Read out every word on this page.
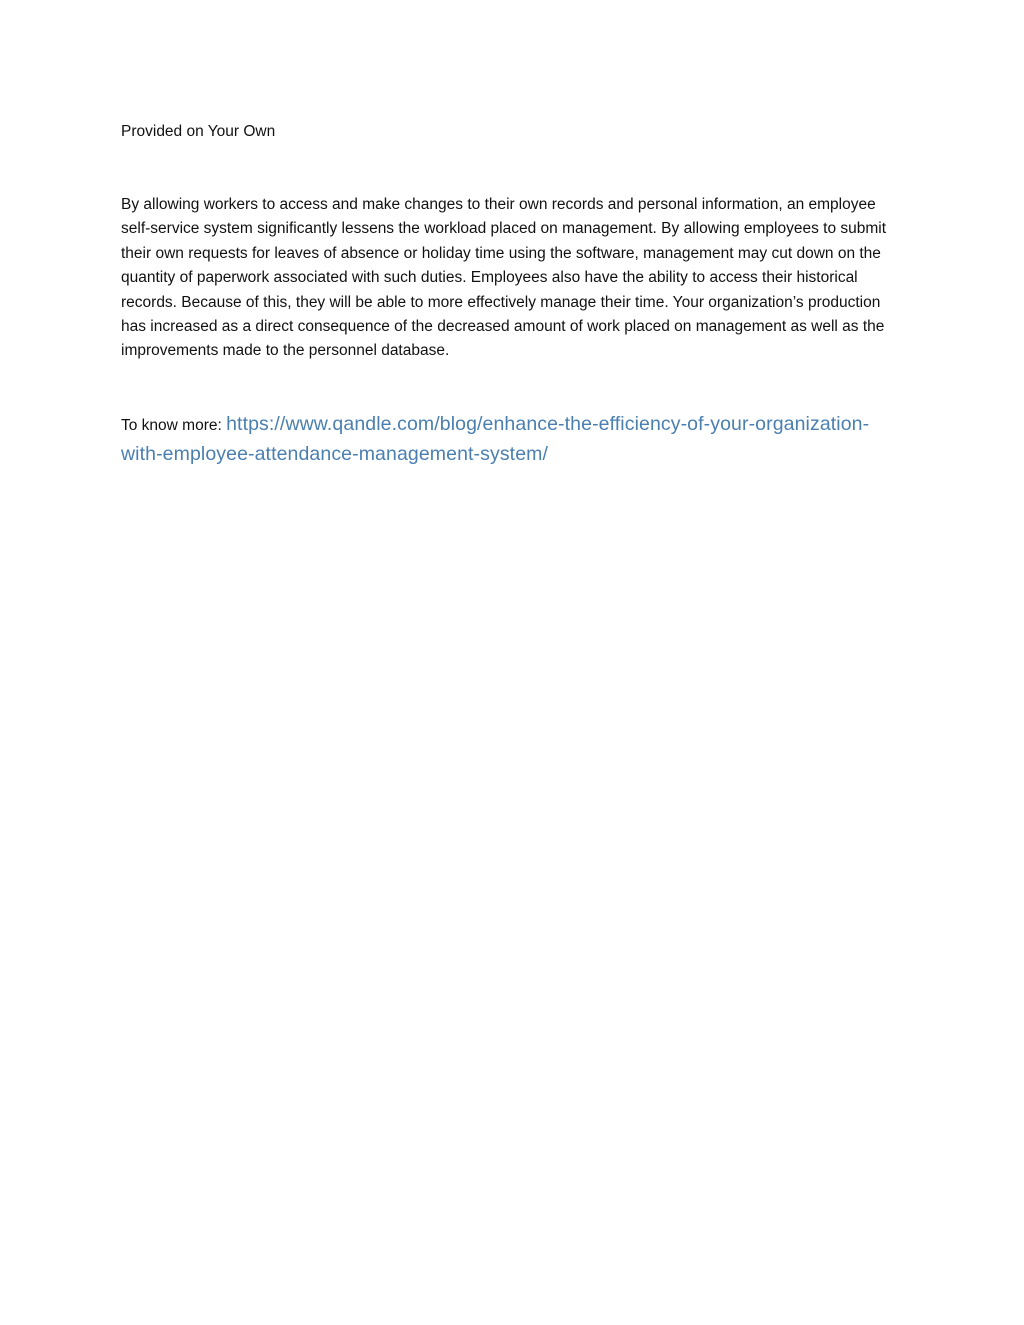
Provided on Your Own

By allowing workers to access and make changes to their own records and personal information, an employee self-service system significantly lessens the workload placed on management. By allowing employees to submit their own requests for leaves of absence or holiday time using the software, management may cut down on the quantity of paperwork associated with such duties. Employees also have the ability to access their historical records. Because of this, they will be able to more effectively manage their time. Your organization’s production has increased as a direct consequence of the decreased amount of work placed on management as well as the improvements made to the personnel database.

To know more: https://www.qandle.com/blog/enhance-the-efficiency-of-your-organization-with-employee-attendance-management-system/
